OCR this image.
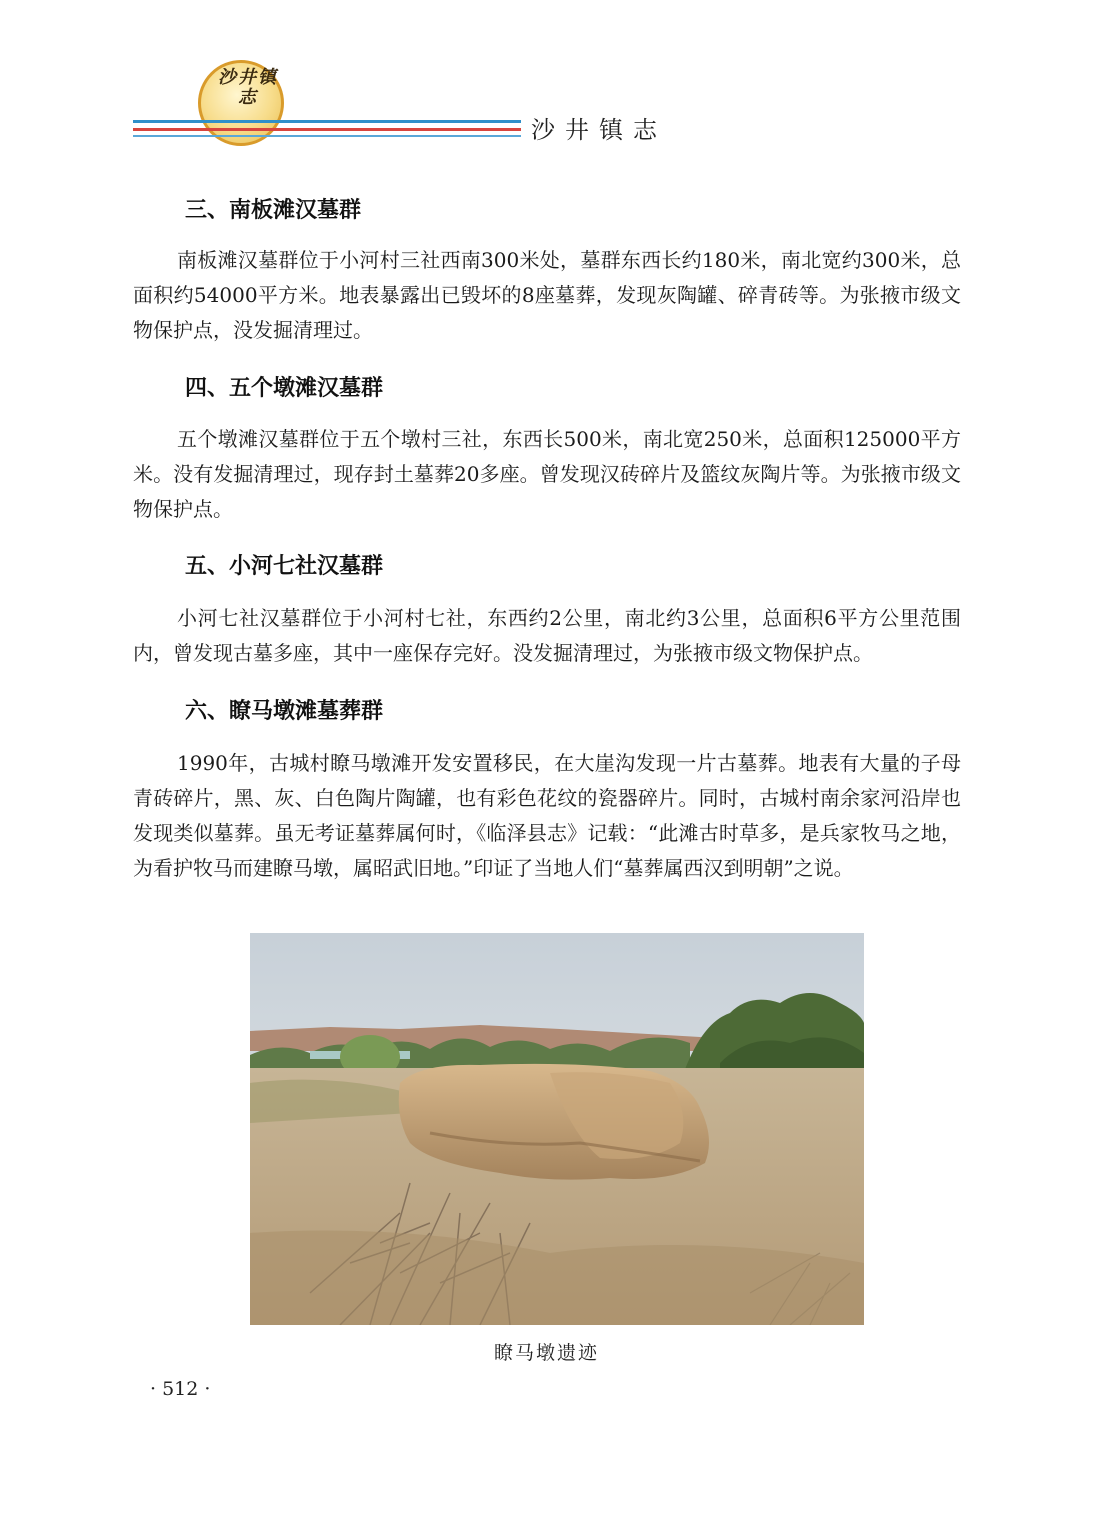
沙井镇志
沙井镇志
三、南板滩汉墓群
南板滩汉墓群位于小河村三社西南300米处，墓群东西长约180米，南北宽约300米，总面积约54000平方米。地表暴露出已毁坏的8座墓葬，发现灰陶罐、碎青砖等。为张掖市级文物保护点，没发掘清理过。
四、五个墩滩汉墓群
五个墩滩汉墓群位于五个墩村三社，东西长500米，南北宽250米，总面积125000平方米。没有发掘清理过，现存封土墓葬20多座。曾发现汉砖碎片及篮纹灰陶片等。为张掖市级文物保护点。
五、小河七社汉墓群
小河七社汉墓群位于小河村七社，东西约2公里，南北约3公里，总面积6平方公里范围内，曾发现古墓多座，其中一座保存完好。没发掘清理过，为张掖市级文物保护点。
六、瞭马墩滩墓葬群
1990年，古城村瞭马墩滩开发安置移民，在大崖沟发现一片古墓葬。地表有大量的子母青砖碎片，黑、灰、白色陶片陶罐，也有彩色花纹的瓷器碎片。同时，古城村南余家河沿岸也发现类似墓葬。虽无考证墓葬属何时，《临泽县志》记载：“此滩古时草多，是兵家牧马之地，为看护牧马而建瞭马墩，属昭武旧地。”印证了当地人们“墓葬属西汉到明朝”之说。
瞭马墩遗迹
· 512 ·
